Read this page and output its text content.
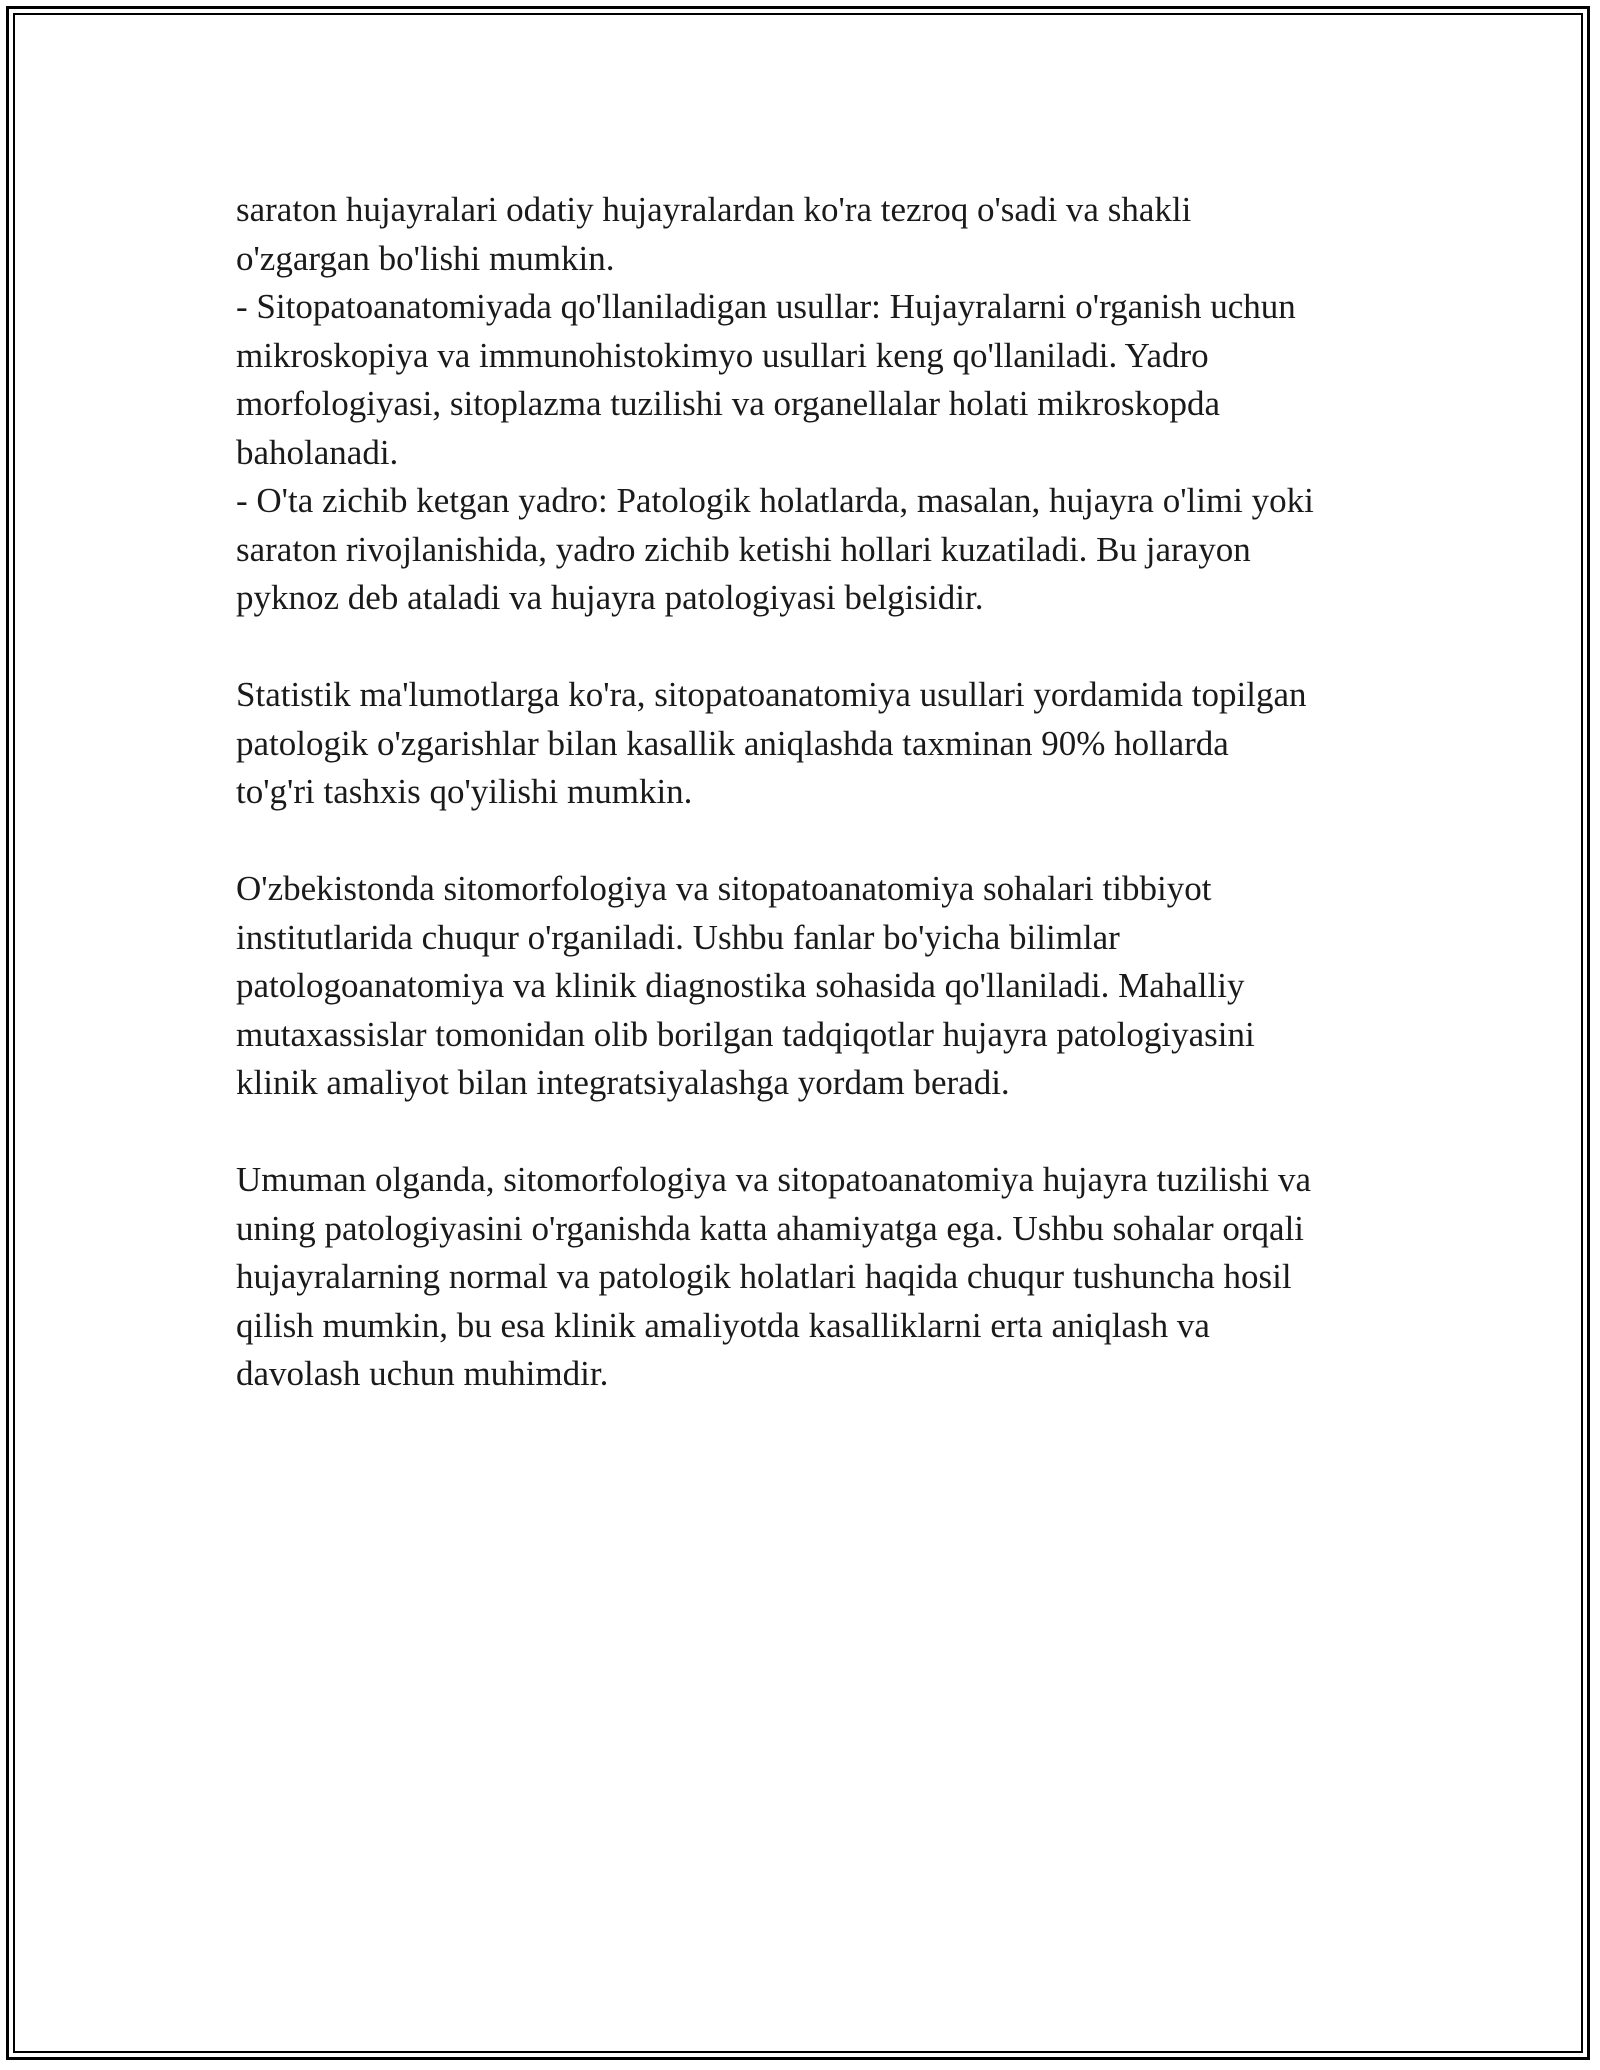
saraton hujayralari odatiy hujayralardan ko'ra tezroq o'sadi va shakli
o'zgargan bo'lishi mumkin.
- Sitopatoanatomiyada qo'llaniladigan usullar: Hujayralarni o'rganish uchun
mikroskopiya va immunohistokimyo usullari keng qo'llaniladi. Yadro
morfologiyasi, sitoplazma tuzilishi va organellalar holati mikroskopda
baholanadi.
- O'ta zichib ketgan yadro: Patologik holatlarda, masalan, hujayra o'limi yoki
saraton rivojlanishida, yadro zichib ketishi hollari kuzatiladi. Bu jarayon
pyknoz deb ataladi va hujayra patologiyasi belgisidir.
Statistik ma'lumotlarga ko'ra, sitopatoanatomiya usullari yordamida topilgan
patologik o'zgarishlar bilan kasallik aniqlashda taxminan 90% hollarda
to'g'ri tashxis qo'yilishi mumkin.
O'zbekistonda sitomorfologiya va sitopatoanatomiya sohalari tibbiyot
institutlarida chuqur o'rganiladi. Ushbu fanlar bo'yicha bilimlar
patologoanatomiya va klinik diagnostika sohasida qo'llaniladi. Mahalliy
mutaxassislar tomonidan olib borilgan tadqiqotlar hujayra patologiyasini
klinik amaliyot bilan integratsiyalashga yordam beradi.
Umuman olganda, sitomorfologiya va sitopatoanatomiya hujayra tuzilishi va
uning patologiyasini o'rganishda katta ahamiyatga ega. Ushbu sohalar orqali
hujayralarning normal va patologik holatlari haqida chuqur tushuncha hosil
qilish mumkin, bu esa klinik amaliyotda kasalliklarni erta aniqlash va
davolash uchun muhimdir.
